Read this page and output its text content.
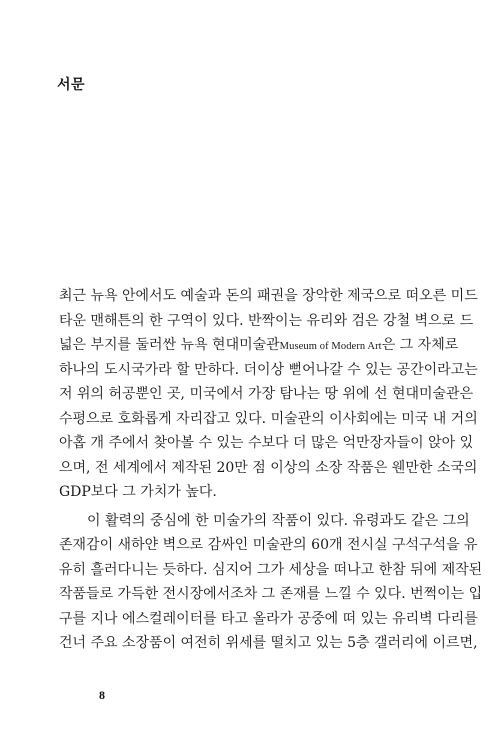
서문
최근 뉴욕 안에서도 예술과 돈의 패권을 장악한 제국으로 떠오른 미드
타운 맨해튼의 한 구역이 있다. 반짝이는 유리와 검은 강철 벽으로 드
넓은 부지를 둘러싼 뉴욕 현대미술관Museum of Modern Art은 그 자체로
하나의 도시국가라 할 만하다. 더이상 뻗어나갈 수 있는 공간이라고는
저 위의 허공뿐인 곳, 미국에서 가장 탐나는 땅 위에 선 현대미술관은
수평으로 호화롭게 자리잡고 있다. 미술관의 이사회에는 미국 내 거의
아홉 개 주에서 찾아볼 수 있는 수보다 더 많은 억만장자들이 앉아 있
으며, 전 세계에서 제작된 20만 점 이상의 소장 작품은 웬만한 소국의
GDP보다 그 가치가 높다.
이 활력의 중심에 한 미술가의 작품이 있다. 유령과도 같은 그의
존재감이 새하얀 벽으로 감싸인 미술관의 60개 전시실 구석구석을 유
유히 흘러다니는 듯하다. 심지어 그가 세상을 떠나고 한참 뒤에 제작된
작품들로 가득한 전시장에서조차 그 존재를 느낄 수 있다. 번쩍이는 입
구를 지나 에스컬레이터를 타고 올라가 공중에 떠 있는 유리벽 다리를
건너 주요 소장품이 여전히 위세를 떨치고 있는 5층 갤러리에 이르면,
8
